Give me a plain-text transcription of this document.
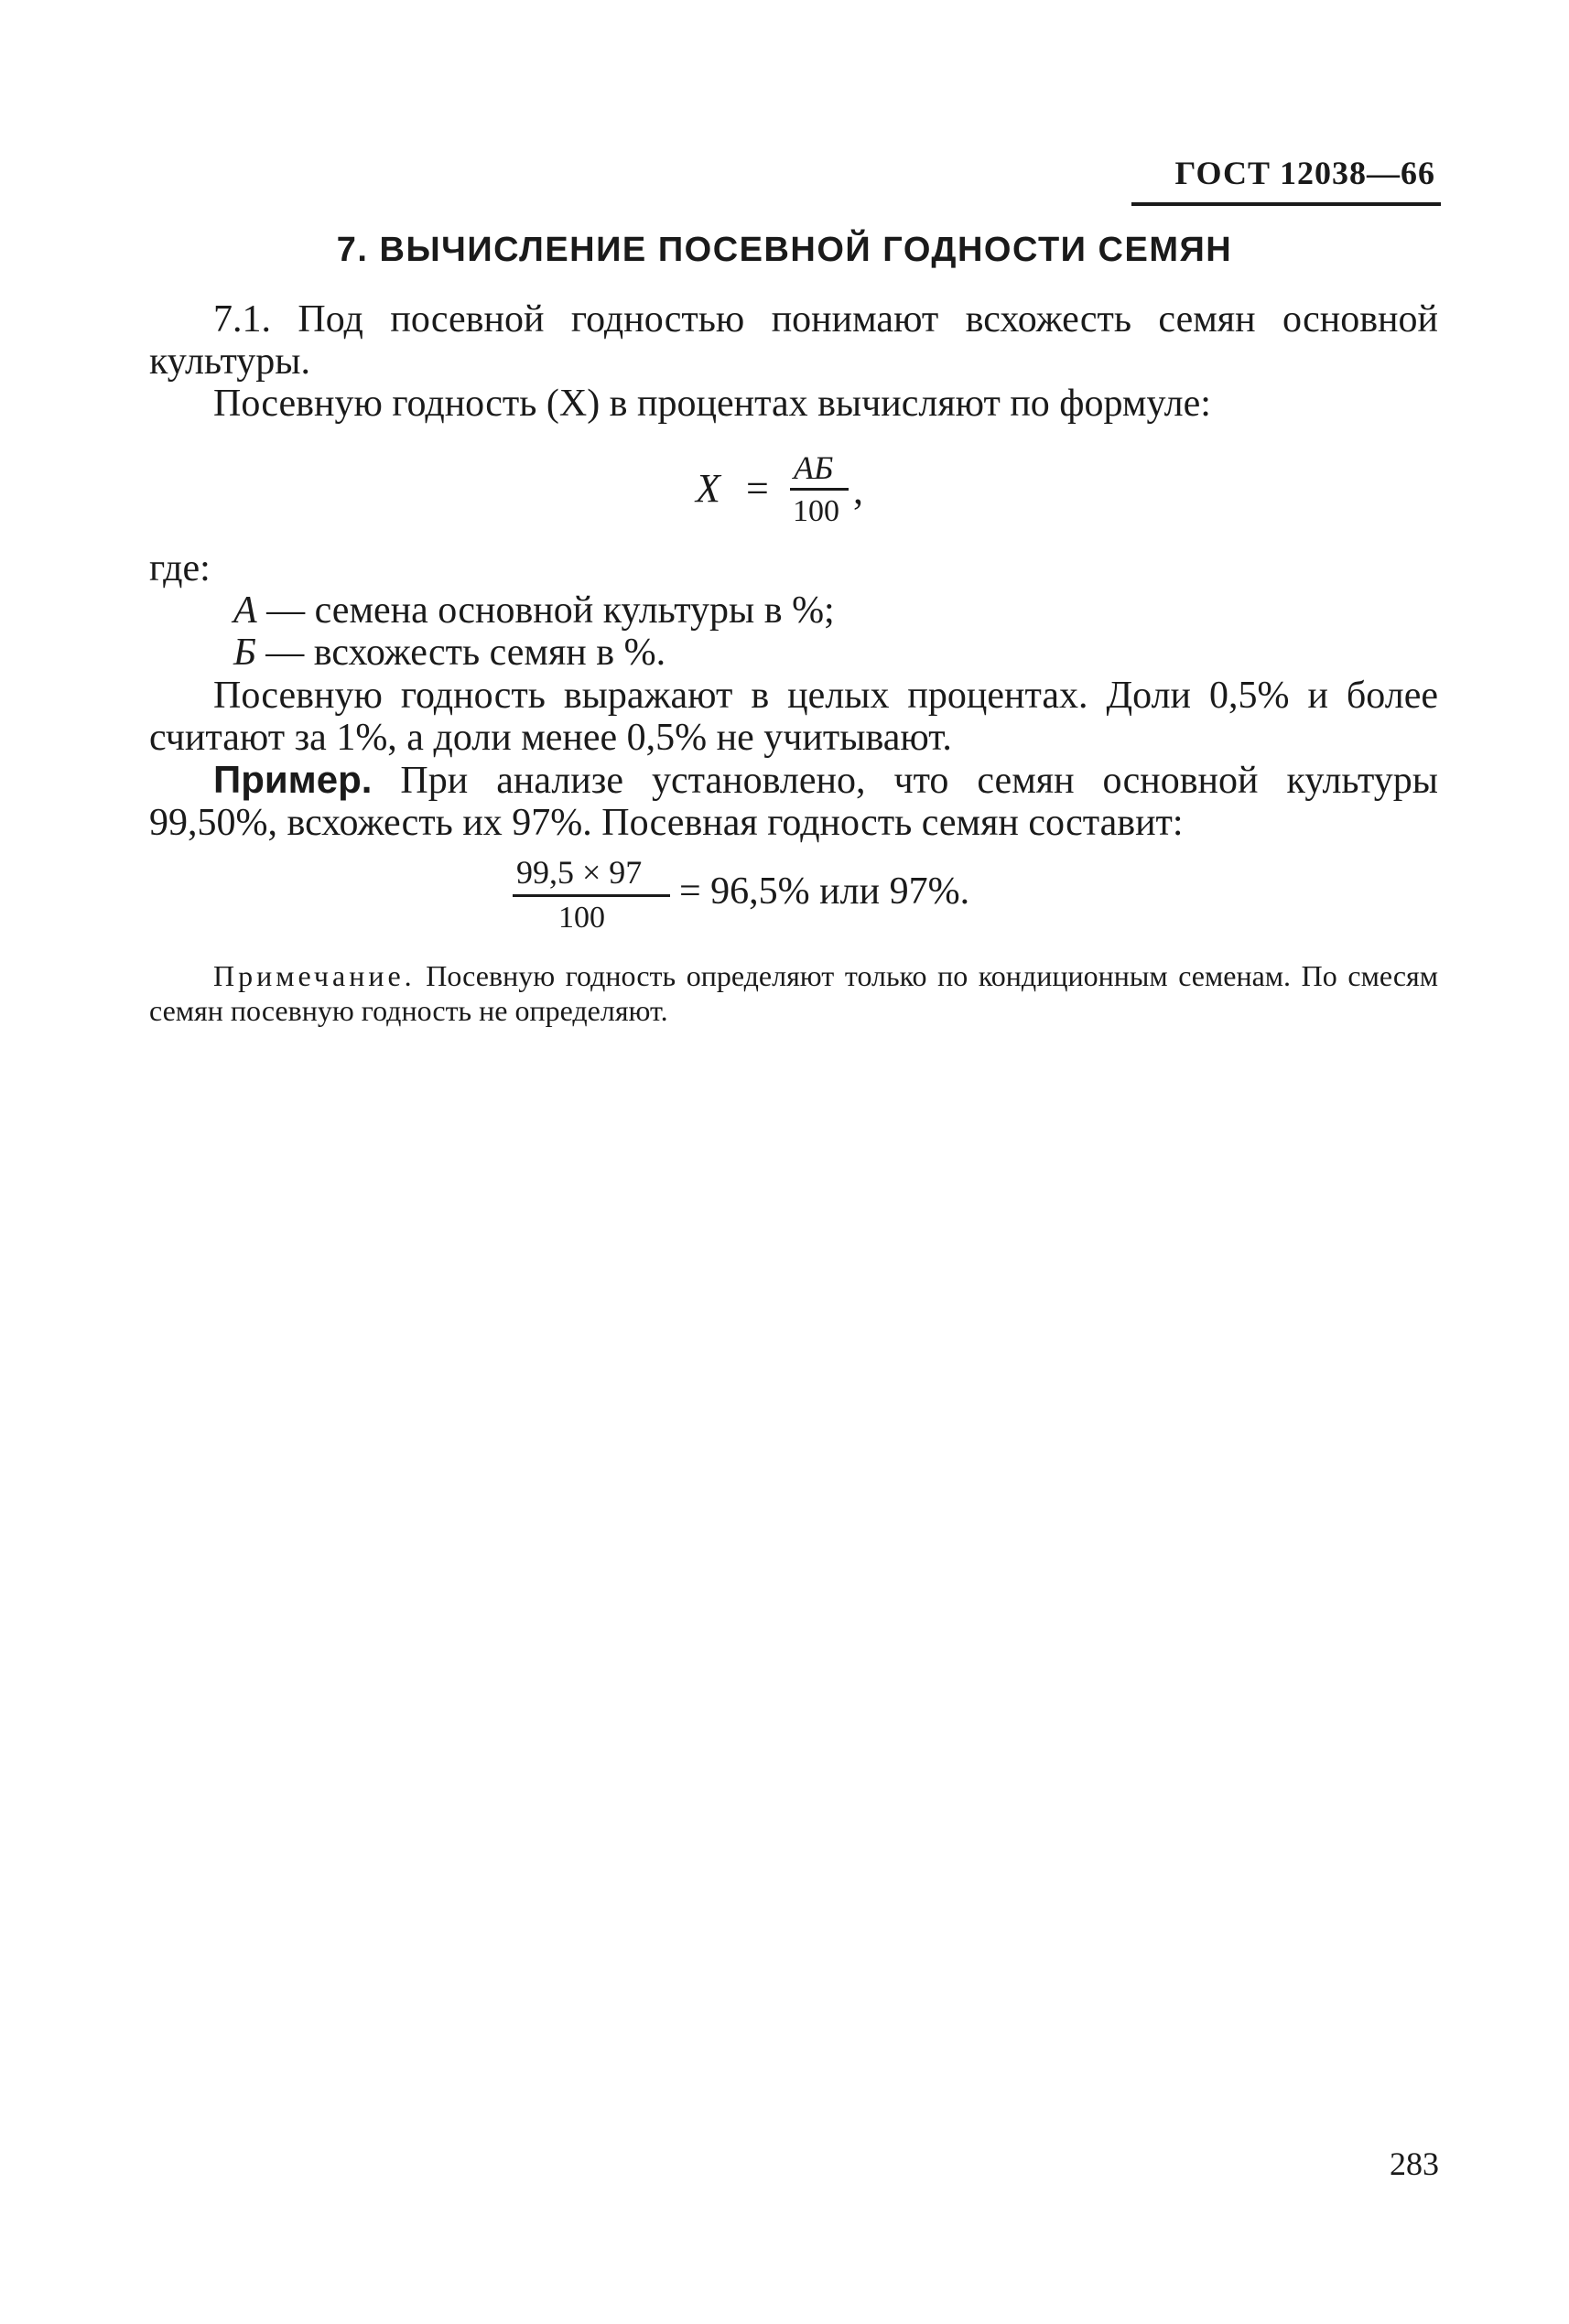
ГОСТ 12038—66
7. ВЫЧИСЛЕНИЕ ПОСЕВНОЙ ГОДНОСТИ СЕМЯН
7.1. Под посевной годностью понимают всхожесть семян основной культуры.
Посевную годность (X) в процентах вычисляют по формуле:
X = АБ
100 ,
где:
А — семена основной культуры в %;
Б — всхожесть семян в %.
Посевную годность выражают в целых процентах. Доли 0,5% и более считают за 1%, а доли менее 0,5% не учитывают.
Пример. При анализе установлено, что семян основной культуры 99,50%, всхожесть их 97%. Посевная годность семян составит:
99,5 × 97
100
= 96,5% или 97%.
Примечание. Посевную годность определяют только по кондиционным семенам. По смесям семян посевную годность не определяют.
283
